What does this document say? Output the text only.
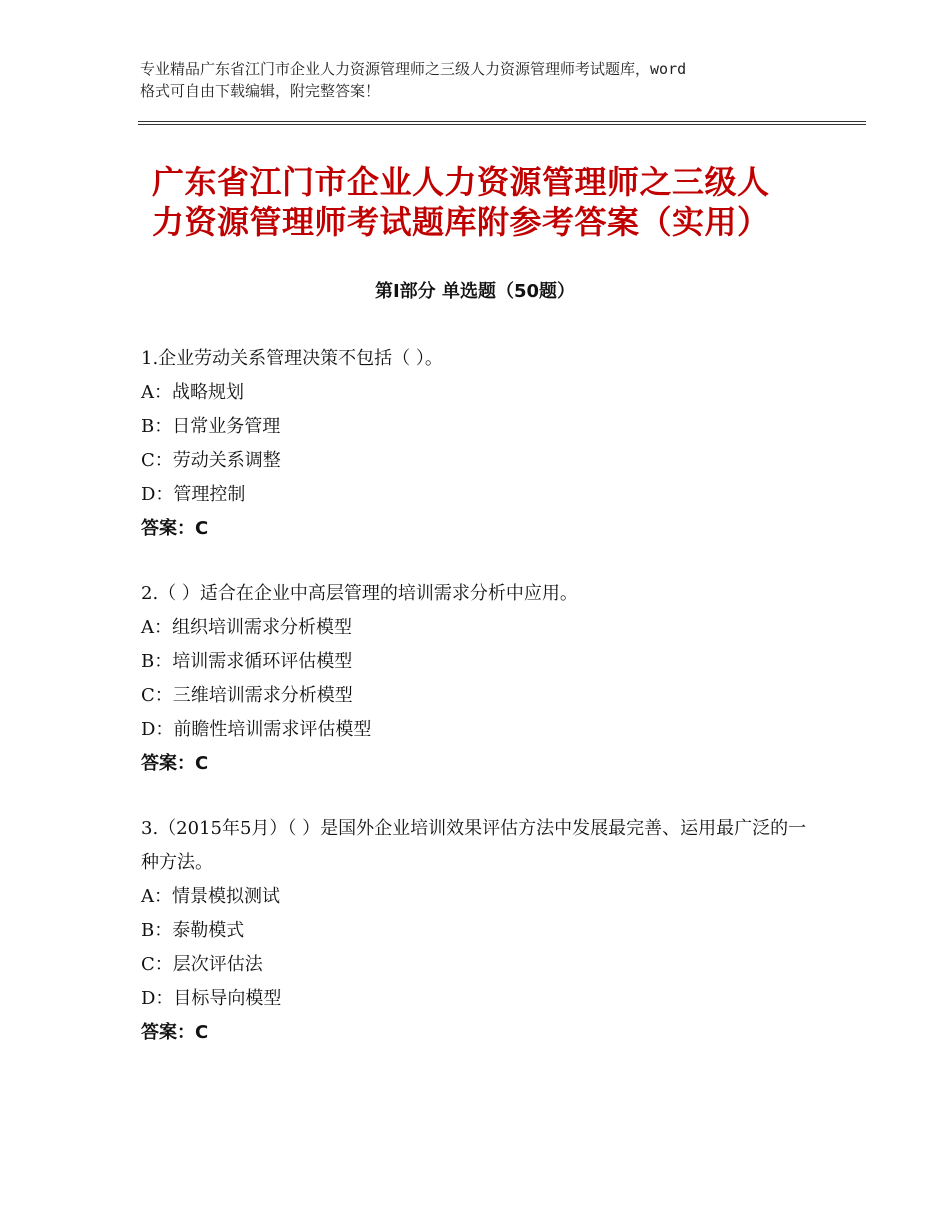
专业精品广东省江门市企业人力资源管理师之三级人力资源管理师考试题库，word
格式可自由下载编辑，附完整答案！
广东省江门市企业人力资源管理师之三级人
力资源管理师考试题库附参考答案（实用）
第Ⅰ部分 单选题（50题）
1.企业劳动关系管理决策不包括（ ）。
A：战略规划
B：日常业务管理
C：劳动关系调整
D：管理控制
答案：C
2.（ ）适合在企业中高层管理的培训需求分析中应用。
A：组织培训需求分析模型
B：培训需求循环评估模型
C：三维培训需求分析模型
D：前瞻性培训需求评估模型
答案：C
3.（2015年5月）（ ）是国外企业培训效果评估方法中发展最完善、运用最广泛的一种方法。
A：情景模拟测试
B：泰勒模式
C：层次评估法
D：目标导向模型
答案：C
